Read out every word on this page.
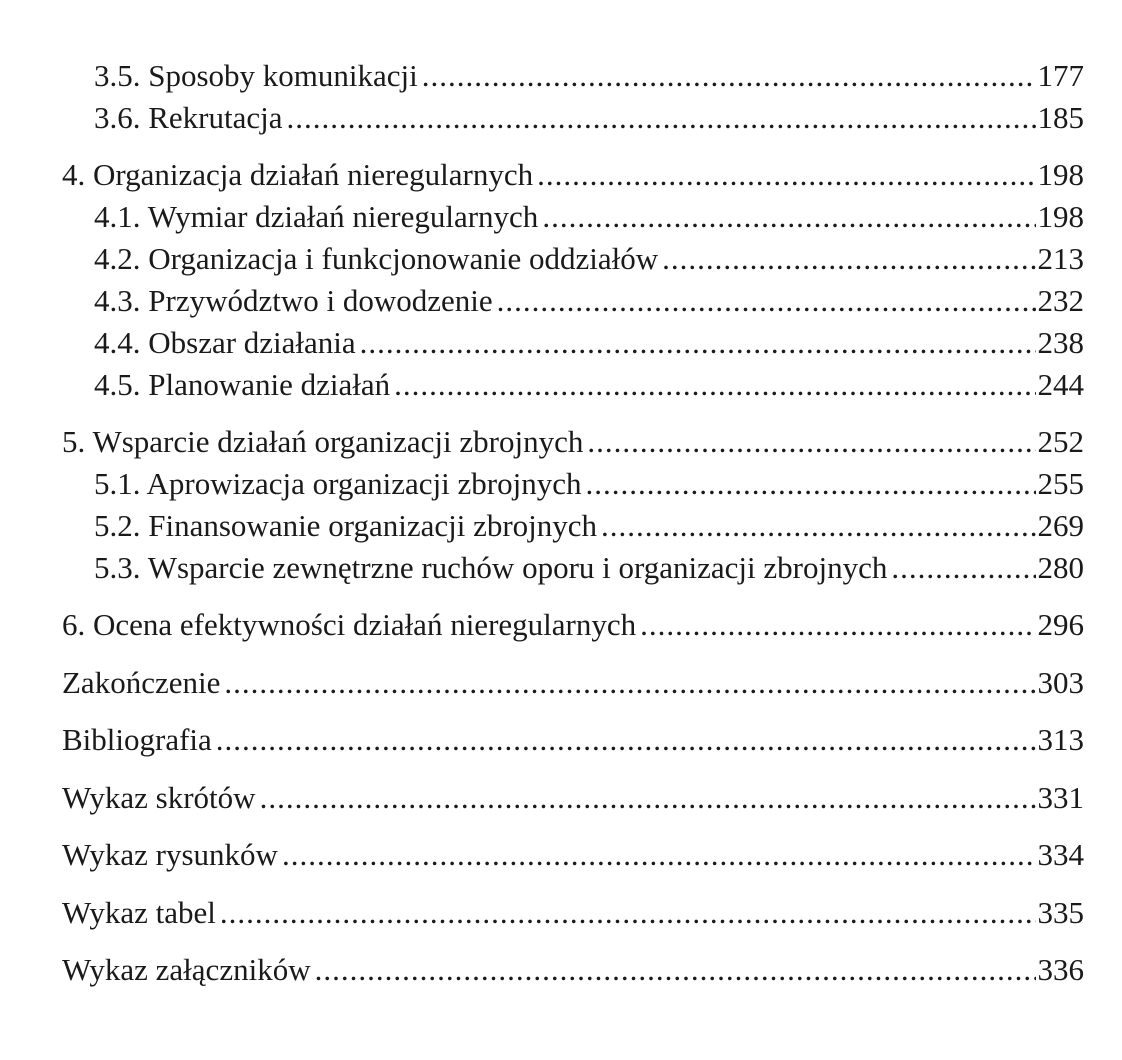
3.5. Sposoby komunikacji .....	177
3.6. Rekrutacja .....	185
4. Organizacja działań nieregularnych .....	198
4.1. Wymiar działań nieregularnych .....	198
4.2. Organizacja i funkcjonowanie oddziałów .....	213
4.3. Przywództwo i dowodzenie .....	232
4.4. Obszar działania .....	238
4.5. Planowanie działań .....	244
5. Wsparcie działań organizacji zbrojnych .....	252
5.1. Aprowizacja organizacji zbrojnych .....	255
5.2. Finansowanie organizacji zbrojnych .....	269
5.3. Wsparcie zewnętrzne ruchów oporu i organizacji zbrojnych .....	280
6. Ocena efektywności działań nieregularnych .....	296
Zakończenie .....	303
Bibliografia .....	313
Wykaz skrótów .....	331
Wykaz rysunków .....	334
Wykaz tabel .....	335
Wykaz załączników .....	336
